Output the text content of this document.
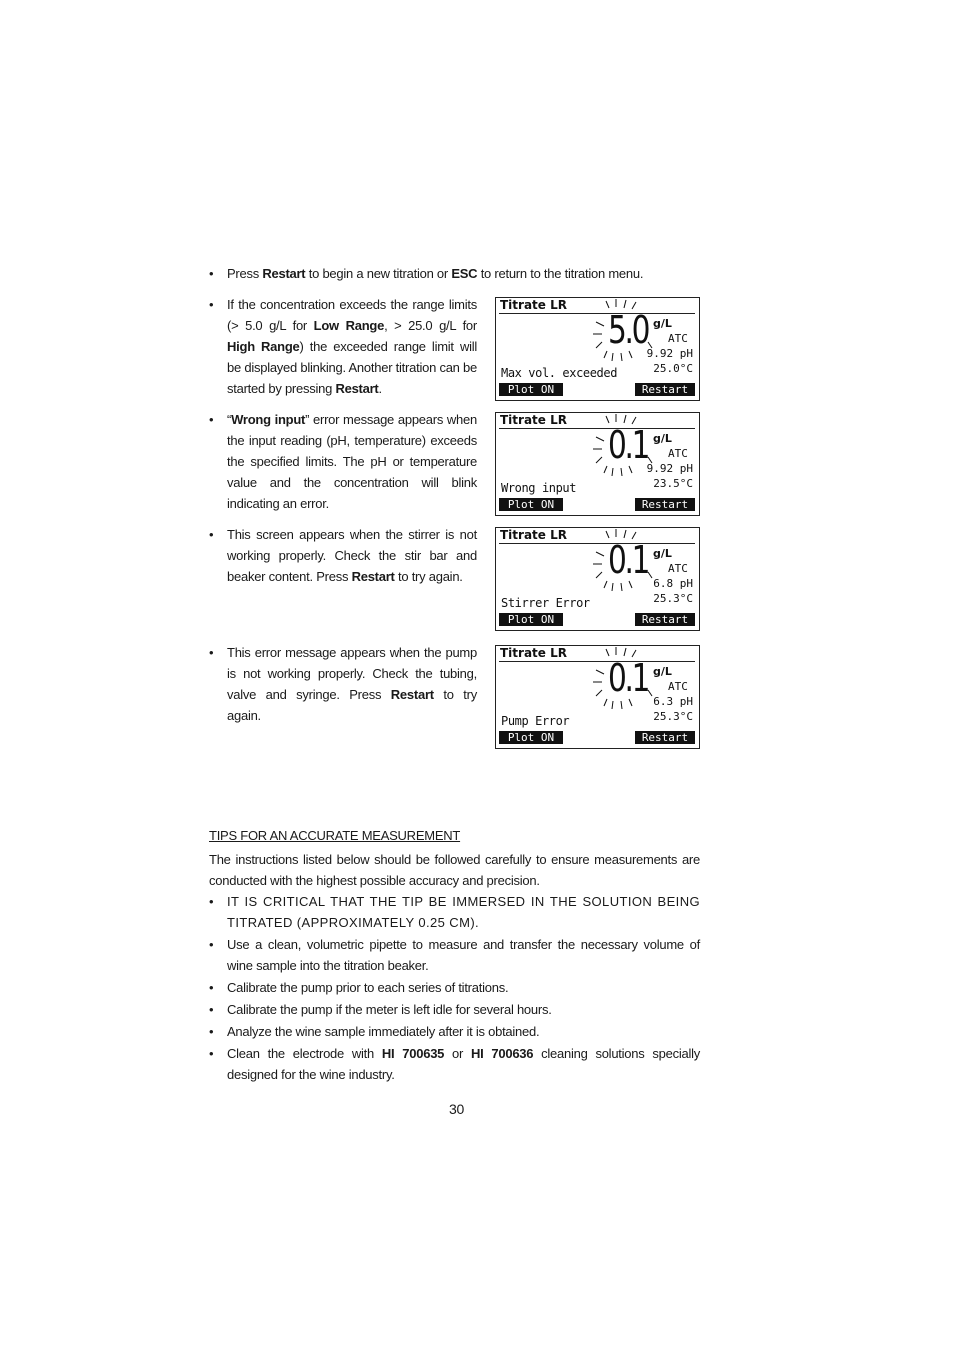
• Press Restart to begin a new titration or ESC to return to the titration menu.
• If the concentration exceeds the range limits (> 5.0 g/L for Low Range, > 25.0 g/L for High Range) the exceeded range limit will be displayed blinking. Another titration can be started by pressing Restart.
• “Wrong input” error message appears when the input reading (pH, temperature) exceeds the specified limits. The pH or temperature value and the concentration will blink indicating an error.
• This screen appears when the stirrer is not working properly. Check the stir bar and beaker content. Press Restart to try again.
• This error message appears when the pump is not working properly. Check the tubing, valve and syringe. Press Restart to try again.
Titrate LR
5.0 g/L
ATC
9.92 pH
25.0°C
Max vol. exceeded
Plot ON	Restart
Titrate LR
0.1 g/L
ATC
9.92 pH
23.5°C
Wrong input
Plot ON	Restart
Titrate LR
0.1 g/L
ATC
6.8 pH
25.3°C
Stirrer Error
Plot ON	Restart
Titrate LR
0.1 g/L
ATC
6.3 pH
25.3°C
Pump Error
Plot ON	Restart
TIPS FOR AN ACCURATE MEASUREMENT
The instructions listed below should be followed carefully to ensure measurements are conducted with the highest possible accuracy and precision.
• IT IS CRITICAL THAT THE TIP BE IMMERSED IN THE SOLUTION BEING TITRATED (APPROXIMATELY 0.25 CM).
• Use a clean, volumetric pipette to measure and transfer the necessary volume of wine sample into the titration beaker.
• Calibrate the pump prior to each series of titrations.
• Calibrate the pump if the meter is left idle for several hours.
• Analyze the wine sample immediately after it is obtained.
• Clean the electrode with HI 700635 or HI 700636 cleaning solutions specially designed for the wine industry.
30
